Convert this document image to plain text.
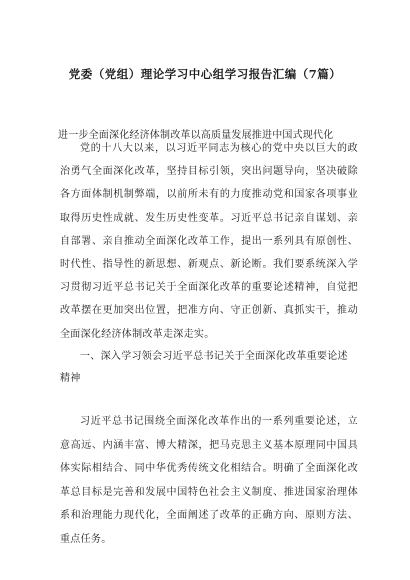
党委（党组）理论学习中心组学习报告汇编（7篇）
进一步全面深化经济体制改革以高质量发展推进中国式现代化
党的十八大以来，以习近平同志为核心的党中央以巨大的政治勇气全面深化改革，坚持目标引领，突出问题导向，坚决破除各方面体制机制弊端，以前所未有的力度推动党和国家各项事业取得历史性成就、发生历史性变革。习近平总书记亲自谋划、亲自部署、亲自推动全面深化改革工作，提出一系列具有原创性、时代性、指导性的新思想、新观点、新论断。我们要系统深入学习贯彻习近平总书记关于全面深化改革的重要论述精神，自觉把改革摆在更加突出位置，把准方向、守正创新、真抓实干，推动全面深化经济体制改革走深走实。
一、深入学习领会习近平总书记关于全面深化改革重要论述精神
习近平总书记围绕全面深化改革作出的一系列重要论述，立意高远、内涵丰富、博大精深，把马克思主义基本原理同中国具体实际相结合、同中华优秀传统文化相结合。明确了全面深化改革总目标是完善和发展中国特色社会主义制度、推进国家治理体系和治理能力现代化，全面阐述了改革的正确方向、原则方法、重点任务。
